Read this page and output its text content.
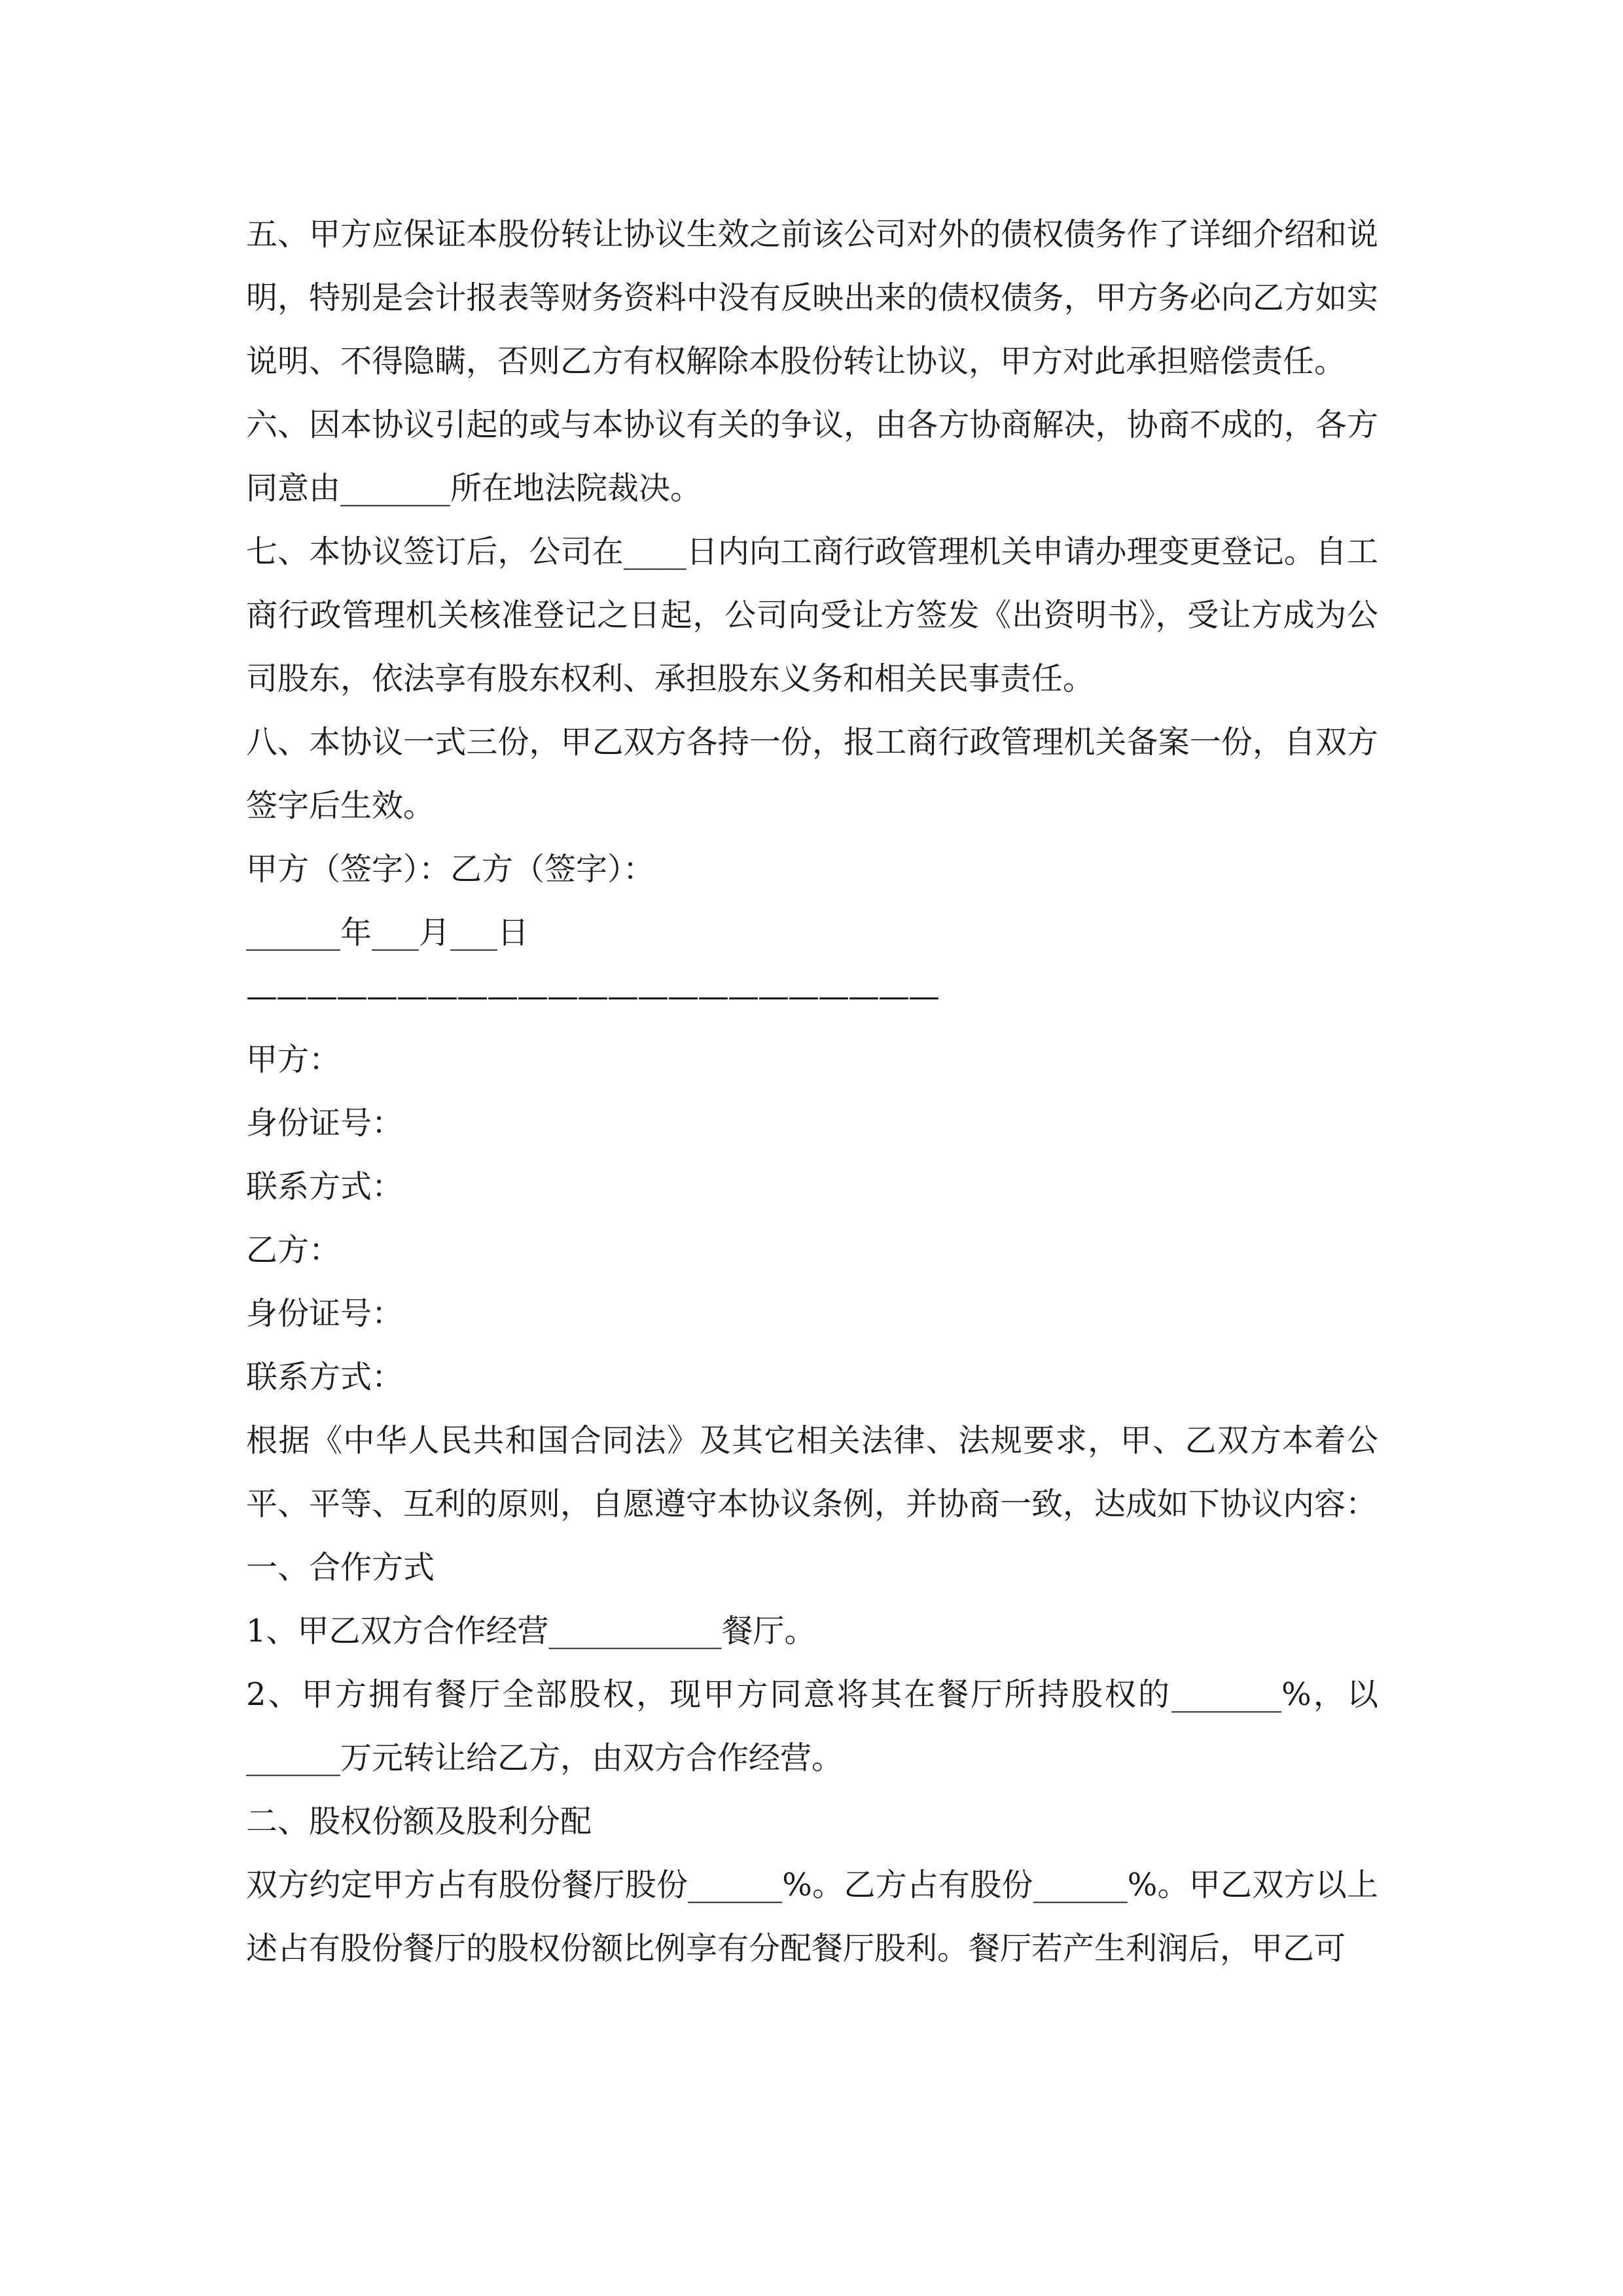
五、甲方应保证本股份转让协议生效之前该公司对外的债权债务作了详细介绍和说明，特别是会计报表等财务资料中没有反映出来的债权债务，甲方务必向乙方如实说明、不得隐瞒，否则乙方有权解除本股份转让协议，甲方对此承担赔偿责任。

六、因本协议引起的或与本协议有关的争议，由各方协商解决，协商不成的，各方同意由_______所在地法院裁决。

七、本协议签订后，公司在____日内向工商行政管理机关申请办理变更登记。自工商行政管理机关核准登记之日起，公司向受让方签发《出资明书》，受让方成为公司股东，依法享有股东权利、承担股东义务和相关民事责任。

八、本协议一式三份，甲乙双方各持一份，报工商行政管理机关备案一份，自双方签字后生效。

甲方（签字）：乙方（签字）：

______年___月___日

———————————————————————

甲方：

身份证号：

联系方式：

乙方：

身份证号：

联系方式：

根据《中华人民共和国合同法》及其它相关法律、法规要求，甲、乙双方本着公平、平等、互利的原则，自愿遵守本协议条例，并协商一致，达成如下协议内容：

一、合作方式

1、甲乙双方合作经营___________餐厅。

2、甲方拥有餐厅全部股权，现甲方同意将其在餐厅所持股权的_______%，以______万元转让给乙方，由双方合作经营。

二、股权份额及股利分配

双方约定甲方占有股份餐厅股份______%。乙方占有股份______%。甲乙双方以上述占有股份餐厅的股权份额比例享有分配餐厅股利。餐厅若产生利润后，甲乙可
